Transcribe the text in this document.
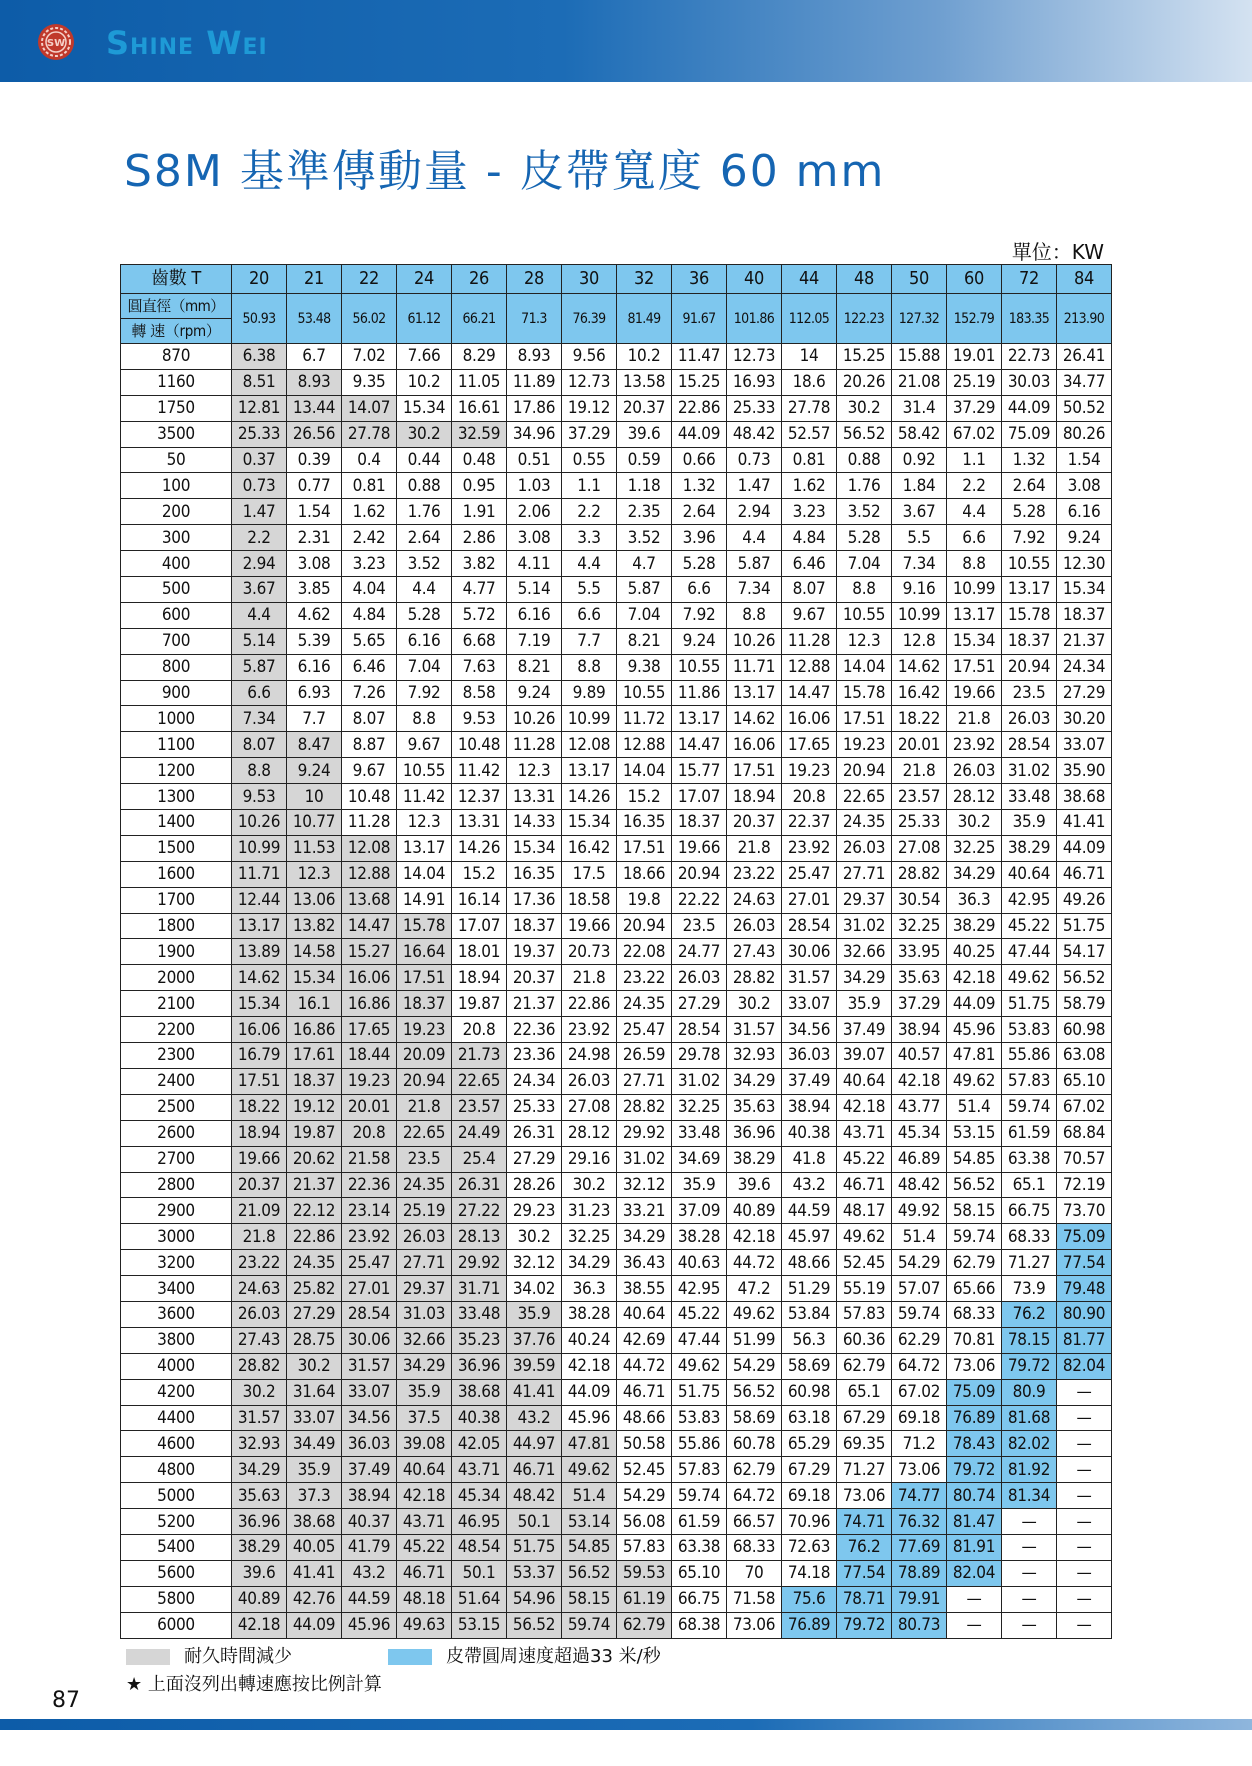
SW Shine Wei
S8M 基準傳動量 - 皮帶寬度 60 mm
單位：KW
齒數 T	20	21	22	24	26	28	30	32	36	40	44	48	50	60	72	84
圓直徑（mm）	50.93	53.48	56.02	61.12	66.21	71.3	76.39	81.49	91.67	101.86	112.05	122.23	127.32	152.79	183.35	213.90
轉 速（rpm）																
870	6.38	6.7	7.02	7.66	8.29	8.93	9.56	10.2	11.47	12.73	14	15.25	15.88	19.01	22.73	26.41
1160	8.51	8.93	9.35	10.2	11.05	11.89	12.73	13.58	15.25	16.93	18.6	20.26	21.08	25.19	30.03	34.77
1750	12.81	13.44	14.07	15.34	16.61	17.86	19.12	20.37	22.86	25.33	27.78	30.2	31.4	37.29	44.09	50.52
3500	25.33	26.56	27.78	30.2	32.59	34.96	37.29	39.6	44.09	48.42	52.57	56.52	58.42	67.02	75.09	80.26
50	0.37	0.39	0.4	0.44	0.48	0.51	0.55	0.59	0.66	0.73	0.81	0.88	0.92	1.1	1.32	1.54
100	0.73	0.77	0.81	0.88	0.95	1.03	1.1	1.18	1.32	1.47	1.62	1.76	1.84	2.2	2.64	3.08
200	1.47	1.54	1.62	1.76	1.91	2.06	2.2	2.35	2.64	2.94	3.23	3.52	3.67	4.4	5.28	6.16
300	2.2	2.31	2.42	2.64	2.86	3.08	3.3	3.52	3.96	4.4	4.84	5.28	5.5	6.6	7.92	9.24
400	2.94	3.08	3.23	3.52	3.82	4.11	4.4	4.7	5.28	5.87	6.46	7.04	7.34	8.8	10.55	12.30
500	3.67	3.85	4.04	4.4	4.77	5.14	5.5	5.87	6.6	7.34	8.07	8.8	9.16	10.99	13.17	15.34
600	4.4	4.62	4.84	5.28	5.72	6.16	6.6	7.04	7.92	8.8	9.67	10.55	10.99	13.17	15.78	18.37
700	5.14	5.39	5.65	6.16	6.68	7.19	7.7	8.21	9.24	10.26	11.28	12.3	12.8	15.34	18.37	21.37
800	5.87	6.16	6.46	7.04	7.63	8.21	8.8	9.38	10.55	11.71	12.88	14.04	14.62	17.51	20.94	24.34
900	6.6	6.93	7.26	7.92	8.58	9.24	9.89	10.55	11.86	13.17	14.47	15.78	16.42	19.66	23.5	27.29
1000	7.34	7.7	8.07	8.8	9.53	10.26	10.99	11.72	13.17	14.62	16.06	17.51	18.22	21.8	26.03	30.20
1100	8.07	8.47	8.87	9.67	10.48	11.28	12.08	12.88	14.47	16.06	17.65	19.23	20.01	23.92	28.54	33.07
1200	8.8	9.24	9.67	10.55	11.42	12.3	13.17	14.04	15.77	17.51	19.23	20.94	21.8	26.03	31.02	35.90
1300	9.53	10	10.48	11.42	12.37	13.31	14.26	15.2	17.07	18.94	20.8	22.65	23.57	28.12	33.48	38.68
1400	10.26	10.77	11.28	12.3	13.31	14.33	15.34	16.35	18.37	20.37	22.37	24.35	25.33	30.2	35.9	41.41
1500	10.99	11.53	12.08	13.17	14.26	15.34	16.42	17.51	19.66	21.8	23.92	26.03	27.08	32.25	38.29	44.09
1600	11.71	12.3	12.88	14.04	15.2	16.35	17.5	18.66	20.94	23.22	25.47	27.71	28.82	34.29	40.64	46.71
1700	12.44	13.06	13.68	14.91	16.14	17.36	18.58	19.8	22.22	24.63	27.01	29.37	30.54	36.3	42.95	49.26
1800	13.17	13.82	14.47	15.78	17.07	18.37	19.66	20.94	23.5	26.03	28.54	31.02	32.25	38.29	45.22	51.75
1900	13.89	14.58	15.27	16.64	18.01	19.37	20.73	22.08	24.77	27.43	30.06	32.66	33.95	40.25	47.44	54.17
2000	14.62	15.34	16.06	17.51	18.94	20.37	21.8	23.22	26.03	28.82	31.57	34.29	35.63	42.18	49.62	56.52
2100	15.34	16.1	16.86	18.37	19.87	21.37	22.86	24.35	27.29	30.2	33.07	35.9	37.29	44.09	51.75	58.79
2200	16.06	16.86	17.65	19.23	20.8	22.36	23.92	25.47	28.54	31.57	34.56	37.49	38.94	45.96	53.83	60.98
2300	16.79	17.61	18.44	20.09	21.73	23.36	24.98	26.59	29.78	32.93	36.03	39.07	40.57	47.81	55.86	63.08
2400	17.51	18.37	19.23	20.94	22.65	24.34	26.03	27.71	31.02	34.29	37.49	40.64	42.18	49.62	57.83	65.10
2500	18.22	19.12	20.01	21.8	23.57	25.33	27.08	28.82	32.25	35.63	38.94	42.18	43.77	51.4	59.74	67.02
2600	18.94	19.87	20.8	22.65	24.49	26.31	28.12	29.92	33.48	36.96	40.38	43.71	45.34	53.15	61.59	68.84
2700	19.66	20.62	21.58	23.5	25.4	27.29	29.16	31.02	34.69	38.29	41.8	45.22	46.89	54.85	63.38	70.57
2800	20.37	21.37	22.36	24.35	26.31	28.26	30.2	32.12	35.9	39.6	43.2	46.71	48.42	56.52	65.1	72.19
2900	21.09	22.12	23.14	25.19	27.22	29.23	31.23	33.21	37.09	40.89	44.59	48.17	49.92	58.15	66.75	73.70
3000	21.8	22.86	23.92	26.03	28.13	30.2	32.25	34.29	38.28	42.18	45.97	49.62	51.4	59.74	68.33	75.09
3200	23.22	24.35	25.47	27.71	29.92	32.12	34.29	36.43	40.63	44.72	48.66	52.45	54.29	62.79	71.27	77.54
3400	24.63	25.82	27.01	29.37	31.71	34.02	36.3	38.55	42.95	47.2	51.29	55.19	57.07	65.66	73.9	79.48
3600	26.03	27.29	28.54	31.03	33.48	35.9	38.28	40.64	45.22	49.62	53.84	57.83	59.74	68.33	76.2	80.90
3800	27.43	28.75	30.06	32.66	35.23	37.76	40.24	42.69	47.44	51.99	56.3	60.36	62.29	70.81	78.15	81.77
4000	28.82	30.2	31.57	34.29	36.96	39.59	42.18	44.72	49.62	54.29	58.69	62.79	64.72	73.06	79.72	82.04
4200	30.2	31.64	33.07	35.9	38.68	41.41	44.09	46.71	51.75	56.52	60.98	65.1	67.02	75.09	80.9	—
4400	31.57	33.07	34.56	37.5	40.38	43.2	45.96	48.66	53.83	58.69	63.18	67.29	69.18	76.89	81.68	—
4600	32.93	34.49	36.03	39.08	42.05	44.97	47.81	50.58	55.86	60.78	65.29	69.35	71.2	78.43	82.02	—
4800	34.29	35.9	37.49	40.64	43.71	46.71	49.62	52.45	57.83	62.79	67.29	71.27	73.06	79.72	81.92	—
5000	35.63	37.3	38.94	42.18	45.34	48.42	51.4	54.29	59.74	64.72	69.18	73.06	74.77	80.74	81.34	—
5200	36.96	38.68	40.37	43.71	46.95	50.1	53.14	56.08	61.59	66.57	70.96	74.71	76.32	81.47	—	—
5400	38.29	40.05	41.79	45.22	48.54	51.75	54.85	57.83	63.38	68.33	72.63	76.2	77.69	81.91	—	—
5600	39.6	41.41	43.2	46.71	50.1	53.37	56.52	59.53	65.10	70	74.18	77.54	78.89	82.04	—	—
5800	40.89	42.76	44.59	48.18	51.64	54.96	58.15	61.19	66.75	71.58	75.6	78.71	79.91	—	—	—
6000	42.18	44.09	45.96	49.63	53.15	56.52	59.74	62.79	68.38	73.06	76.89	79.72	80.73	—	—	—
耐久時間減少	皮帶圓周速度超過33 米/秒
★ 上面沒列出轉速應按比例計算
87
